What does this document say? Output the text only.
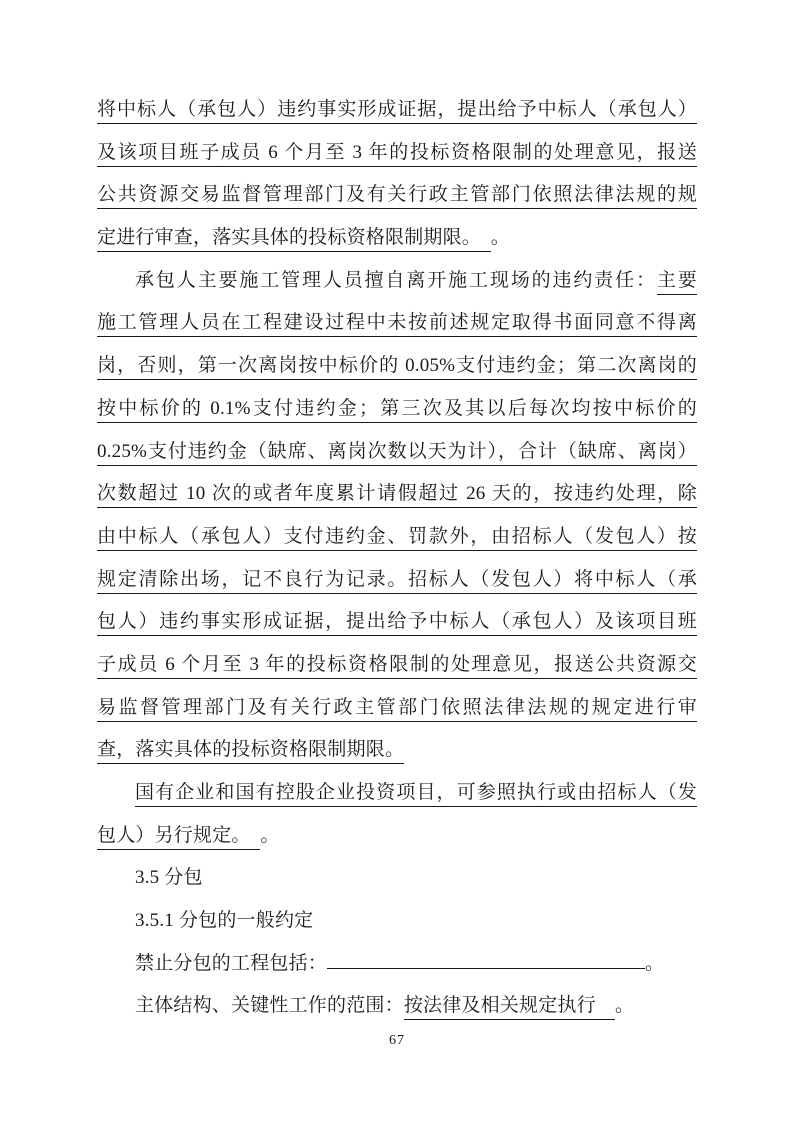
将中标人（承包人）违约事实形成证据，提出给予中标人（承包人）
及该项目班子成员 6 个月至 3 年的投标资格限制的处理意见，报送
公共资源交易监督管理部门及有关行政主管部门依照法律法规的规
定进行审查，落实具体的投标资格限制期限。　 。
承包人主要施工管理人员擅自离开施工现场的违约责任：主要
施工管理人员在工程建设过程中未按前述规定取得书面同意不得离
岗，否则，第一次离岗按中标价的 0.05%支付违约金；第二次离岗的
按中标价的 0.1%支付违约金；第三次及其以后每次均按中标价的
0.25%支付违约金（缺席、离岗次数以天为计），合计（缺席、离岗）
次数超过 10 次的或者年度累计请假超过 26 天的，按违约处理，除
由中标人（承包人）支付违约金、罚款外，由招标人（发包人）按
规定清除出场，记不良行为记录。招标人（发包人）将中标人（承
包人）违约事实形成证据，提出给予中标人（承包人）及该项目班
子成员 6 个月至 3 年的投标资格限制的处理意见，报送公共资源交
易监督管理部门及有关行政主管部门依照法律法规的规定进行审
查，落实具体的投标资格限制期限。
国有企业和国有控股企业投资项目，可参照执行或由招标人（发
包人）另行规定。　 。
3.5 分包
3.5.1 分包的一般约定
禁止分包的工程包括：	。
主体结构、关键性工作的范围：按法律及相关规定执行　 。
67
